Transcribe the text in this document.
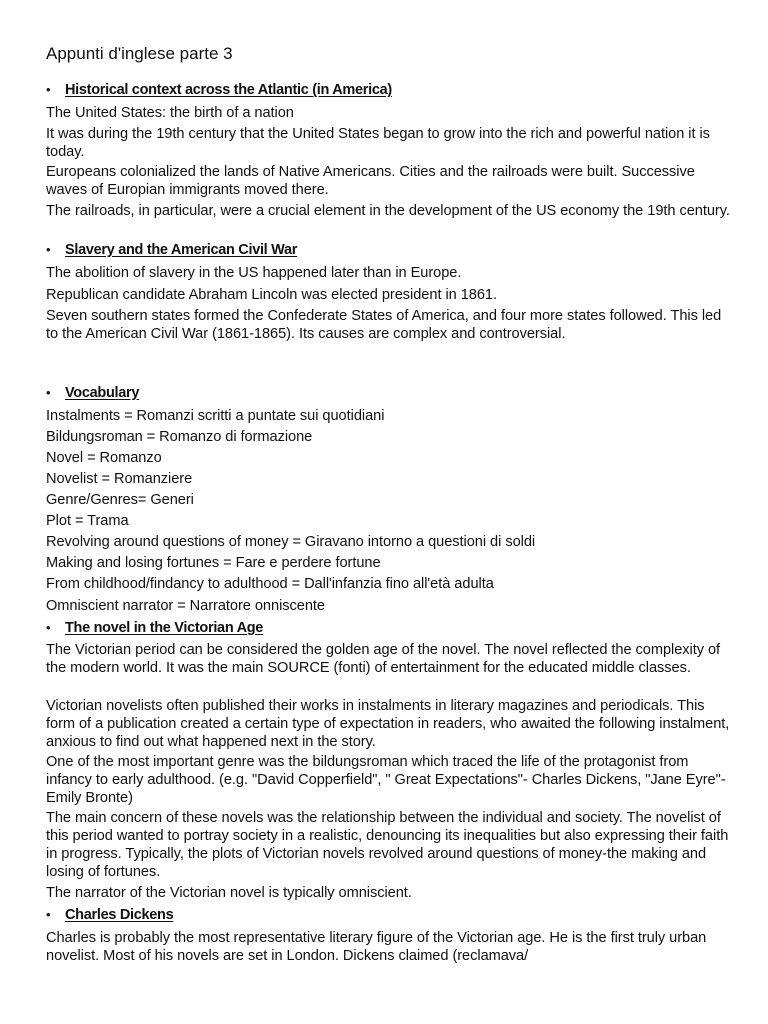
Appunti d'inglese parte 3
• Historical context across the Atlantic (in America)

The United States: the birth of a nation

It was during the 19th century that the United States began to grow into the rich and powerful nation it is today.

Europeans colonialized the lands of Native Americans. Cities and the railroads were built. Successive waves of Europian immigrants moved there.

The railroads, in particular, were a crucial element in the development of the US economy the 19th century.

• Slavery and the American Civil War

The abolition of slavery in the US happened later than in Europe.

Republican candidate Abraham Lincoln was elected president in 1861.

Seven southern states formed the Confederate States of America, and four more states followed. This led to the American Civil War (1861-1865). Its causes are complex and controversial.

• Vocabulary

Instalments = Romanzi scritti a puntate sui quotidiani

Bildungsroman = Romanzo di formazione

Novel = Romanzo

Novelist = Romanziere

Genre/Genres= Generi

Plot = Trama

Revolving around questions of money = Giravano intorno a questioni di soldi

Making and losing fortunes = Fare e perdere fortune

From childhood/findancy to adulthood = Dall'infanzia fino all'età adulta

Omniscient narrator = Narratore onniscente

• The novel in the Victorian Age

The Victorian period can be considered the golden age of the novel. The novel reflected the complexity of the modern world. It was the main SOURCE (fonti) of entertainment for the educated middle classes.

Victorian novelists often published their works in instalments in literary magazines and periodicals. This form of a publication created a certain type of expectation in readers, who awaited the following instalment, anxious to find out what happened next in the story.

One of the most important genre was the bildungsroman which traced the life of the protagonist from infancy to early adulthood. (e.g. "David Copperfield", " Great Expectations"- Charles Dickens, "Jane Eyre"- Emily Bronte)

The main concern of these novels was the relationship between the individual and society. The novelist of this period wanted to portray society in a realistic, denouncing its inequalities but also expressing their faith in progress. Typically, the plots of Victorian novels revolved around questions of money-the making and losing of fortunes.

The narrator of the Victorian novel is typically omniscient.

• Charles Dickens

Charles is probably the most representative literary figure of the Victorian age. He is the first truly urban novelist. Most of his novels are set in London. Dickens claimed (reclamava/
